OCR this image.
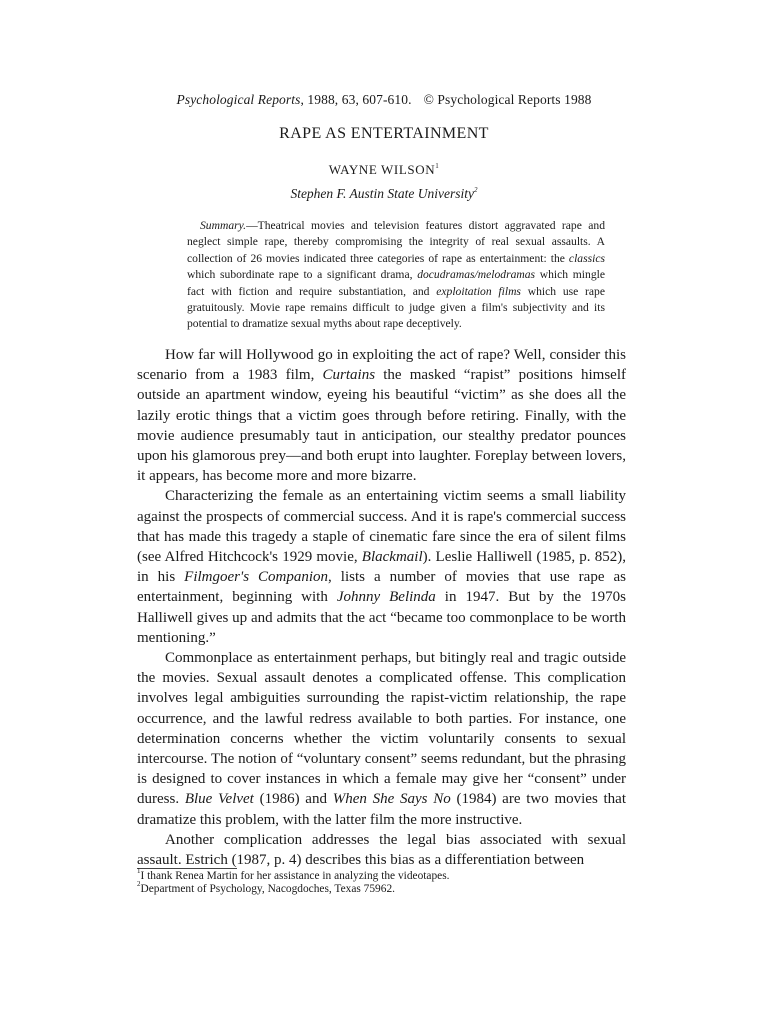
Psychological Reports, 1988, 63, 607-610. © Psychological Reports 1988
RAPE AS ENTERTAINMENT
WAYNE WILSON$^1$
Stephen F. Austin State University$^2$
Summary.—Theatrical movies and television features distort aggravated rape and neglect simple rape, thereby compromising the integrity of real sexual assaults. A collection of 26 movies indicated three categories of rape as entertainment: the classics which subordinate rape to a significant drama, docudramas/melodramas which mingle fact with fiction and require substantiation, and exploitation films which use rape gratuitously. Movie rape remains difficult to judge given a film's subjectivity and its potential to dramatize sexual myths about rape deceptively.

How far will Hollywood go in exploiting the act of rape? Well, consider this scenario from a 1983 film, Curtains the masked “rapist” positions himself outside an apartment window, eyeing his beautiful “victim” as she does all the lazily erotic things that a victim goes through before retiring. Finally, with the movie audience presumably taut in anticipation, our stealthy predator pounces upon his glamorous prey—and both erupt into laughter. Foreplay between lovers, it appears, has become more and more bizarre.

Characterizing the female as an entertaining victim seems a small liability against the prospects of commercial success. And it is rape's commercial success that has made this tragedy a staple of cinematic fare since the era of silent films (see Alfred Hitchcock's 1929 movie, Blackmail). Leslie Halliwell (1985, p. 852), in his Filmgoer's Companion, lists a number of movies that use rape as entertainment, beginning with Johnny Belinda in 1947. But by the 1970s Halliwell gives up and admits that the act “became too commonplace to be worth mentioning.”

Commonplace as entertainment perhaps, but bitingly real and tragic outside the movies. Sexual assault denotes a complicated offense. This complication involves legal ambiguities surrounding the rapist-victim relationship, the rape occurrence, and the lawful redress available to both parties. For instance, one determination concerns whether the victim voluntarily consents to sexual intercourse. The notion of “voluntary consent” seems redundant, but the phrasing is designed to cover instances in which a female may give her “consent” under duress. Blue Velvet (1986) and When She Says No (1984) are two movies that dramatize this problem, with the latter film the more instructive.

Another complication addresses the legal bias associated with sexual assault. Estrich (1987, p. 4) describes this bias as a differentiation between

$^1$I thank Renea Martin for her assistance in analyzing the videotapes.
$^2$Department of Psychology, Nacogdoches, Texas 75962.
